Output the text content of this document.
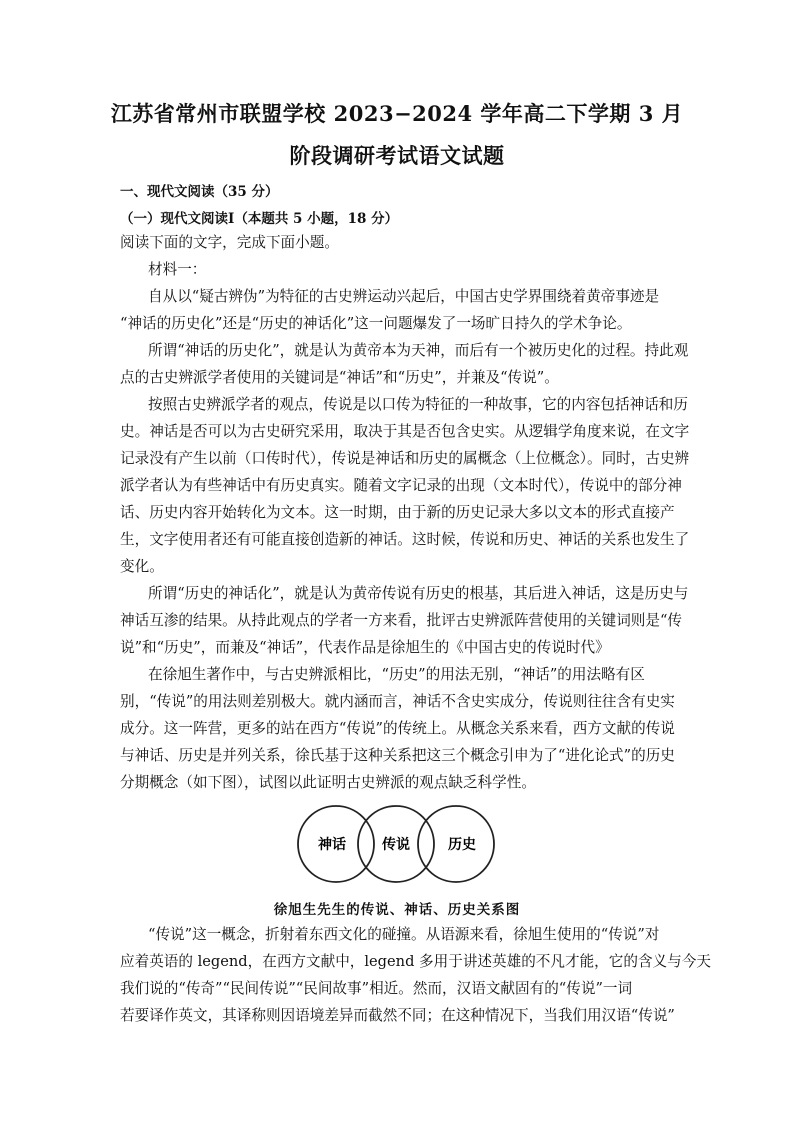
江苏省常州市联盟学校 2023−2024 学年高二下学期 3 月
阶段调研考试语文试题
一、现代文阅读（35 分）
（一）现代文阅读Ⅰ（本题共 5 小题，18 分）
阅读下面的文字，完成下面小题。
材料一：
自从以“疑古辨伪”为特征的古史辨运动兴起后，中国古史学界围绕着黄帝事迹是
“神话的历史化”还是“历史的神话化”这一问题爆发了一场旷日持久的学术争论。
所谓“神话的历史化”，就是认为黄帝本为天神，而后有一个被历史化的过程。持此观
点的古史辨派学者使用的关键词是“神话”和“历史”，并兼及“传说”。
按照古史辨派学者的观点，传说是以口传为特征的一种故事，它的内容包括神话和历
史。神话是否可以为古史研究采用，取决于其是否包含史实。从逻辑学角度来说，在文字
记录没有产生以前（口传时代），传说是神话和历史的属概念（上位概念）。同时，古史辨
派学者认为有些神话中有历史真实。随着文字记录的出现（文本时代），传说中的部分神
话、历史内容开始转化为文本。这一时期，由于新的历史记录大多以文本的形式直接产
生，文字使用者还有可能直接创造新的神话。这时候，传说和历史、神话的关系也发生了
变化。
所谓“历史的神话化”，就是认为黄帝传说有历史的根基，其后进入神话，这是历史与
神话互渗的结果。从持此观点的学者一方来看，批评古史辨派阵营使用的关键词则是“传
说”和“历史”，而兼及“神话”，代表作品是徐旭生的《中国古史的传说时代》
在徐旭生著作中，与古史辨派相比，“历史”的用法无别，“神话”的用法略有区
别，“传说”的用法则差别极大。就内涵而言，神话不含史实成分，传说则往往含有史实
成分。这一阵营，更多的站在西方“传说”的传统上。从概念关系来看，西方文献的传说
与神话、历史是并列关系，徐氏基于这种关系把这三个概念引申为了“进化论式”的历史
分期概念（如下图），试图以此证明古史辨派的观点缺乏科学性。
神话	传说	历史
徐旭生先生的传说、神话、历史关系图
“传说”这一概念，折射着东西文化的碰撞。从语源来看，徐旭生使用的“传说”对
应着英语的 legend，在西方文献中，legend 多用于讲述英雄的不凡才能，它的含义与今天
我们说的“传奇”“民间传说”“民间故事”相近。然而，汉语文献固有的“传说”一词
若要译作英文，其译称则因语境差异而截然不同；在这种情况下，当我们用汉语“传说”
